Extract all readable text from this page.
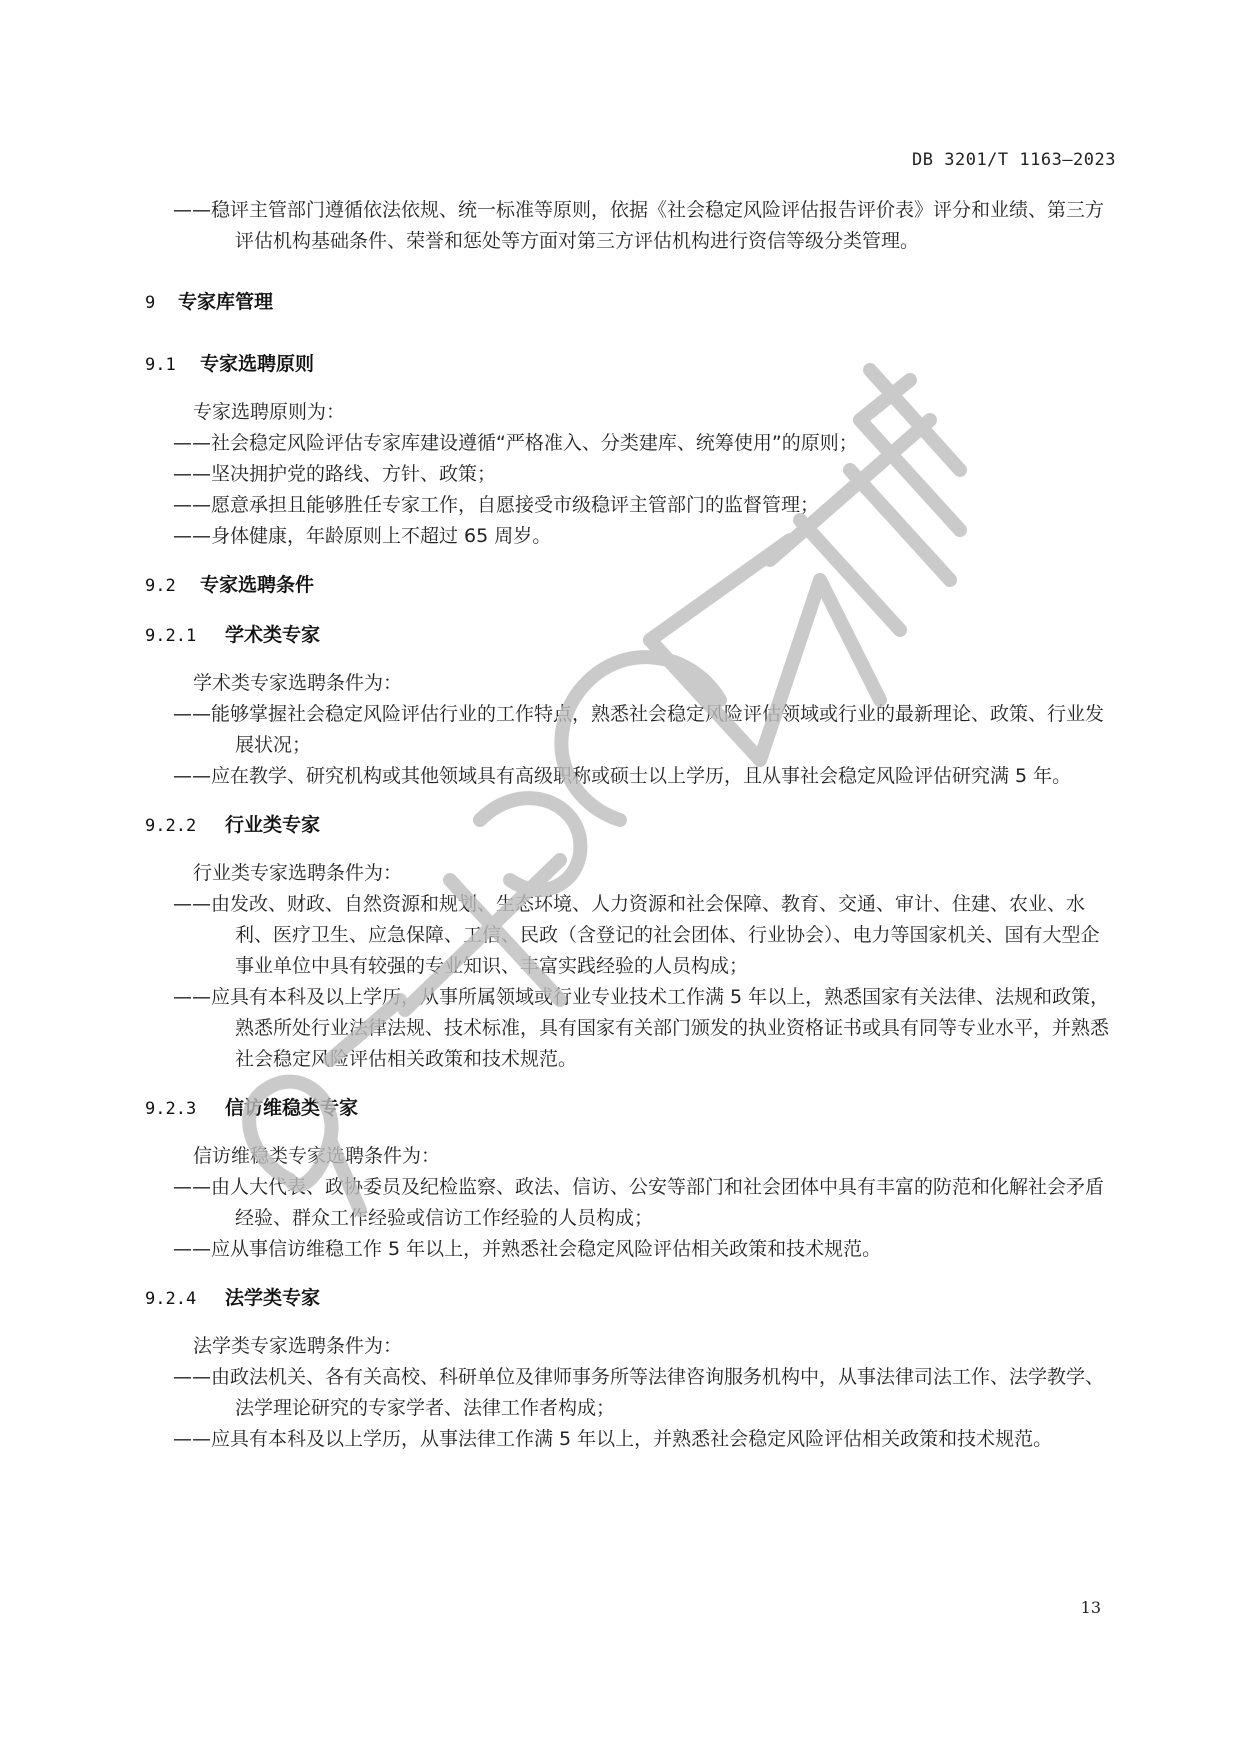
DB 3201/T 1163—2023
——稳评主管部门遵循依法依规、统一标准等原则，依据《社会稳定风险评估报告评价表》评分和业绩、第三方评估机构基础条件、荣誉和惩处等方面对第三方评估机构进行资信等级分类管理。
9	专家库管理
9.1	专家选聘原则
专家选聘原则为：
——社会稳定风险评估专家库建设遵循“严格准入、分类建库、统筹使用”的原则；
——坚决拥护党的路线、方针、政策；
——愿意承担且能够胜任专家工作，自愿接受市级稳评主管部门的监督管理；
——身体健康，年龄原则上不超过 65 周岁。
9.2	专家选聘条件
9.2.1	学术类专家
学术类专家选聘条件为：
——能够掌握社会稳定风险评估行业的工作特点，熟悉社会稳定风险评估领域或行业的最新理论、政策、行业发展状况；
——应在教学、研究机构或其他领域具有高级职称或硕士以上学历，且从事社会稳定风险评估研究满 5 年。
9.2.2	行业类专家
行业类专家选聘条件为：
——由发改、财政、自然资源和规划、生态环境、人力资源和社会保障、教育、交通、审计、住建、农业、水利、医疗卫生、应急保障、工信、民政（含登记的社会团体、行业协会）、电力等国家机关、国有大型企事业单位中具有较强的专业知识、丰富实践经验的人员构成；
——应具有本科及以上学历，从事所属领域或行业专业技术工作满 5 年以上，熟悉国家有关法律、法规和政策，熟悉所处行业法律法规、技术标准，具有国家有关部门颁发的执业资格证书或具有同等专业水平，并熟悉社会稳定风险评估相关政策和技术规范。
9.2.3	信访维稳类专家
信访维稳类专家选聘条件为：
——由人大代表、政协委员及纪检监察、政法、信访、公安等部门和社会团体中具有丰富的防范和化解社会矛盾经验、群众工作经验或信访工作经验的人员构成；
——应从事信访维稳工作 5 年以上，并熟悉社会稳定风险评估相关政策和技术规范。
9.2.4	法学类专家
法学类专家选聘条件为：
——由政法机关、各有关高校、科研单位及律师事务所等法律咨询服务机构中，从事法律司法工作、法学教学、法学理论研究的专家学者、法律工作者构成；
——应具有本科及以上学历，从事法律工作满 5 年以上，并熟悉社会稳定风险评估相关政策和技术规范。
13
